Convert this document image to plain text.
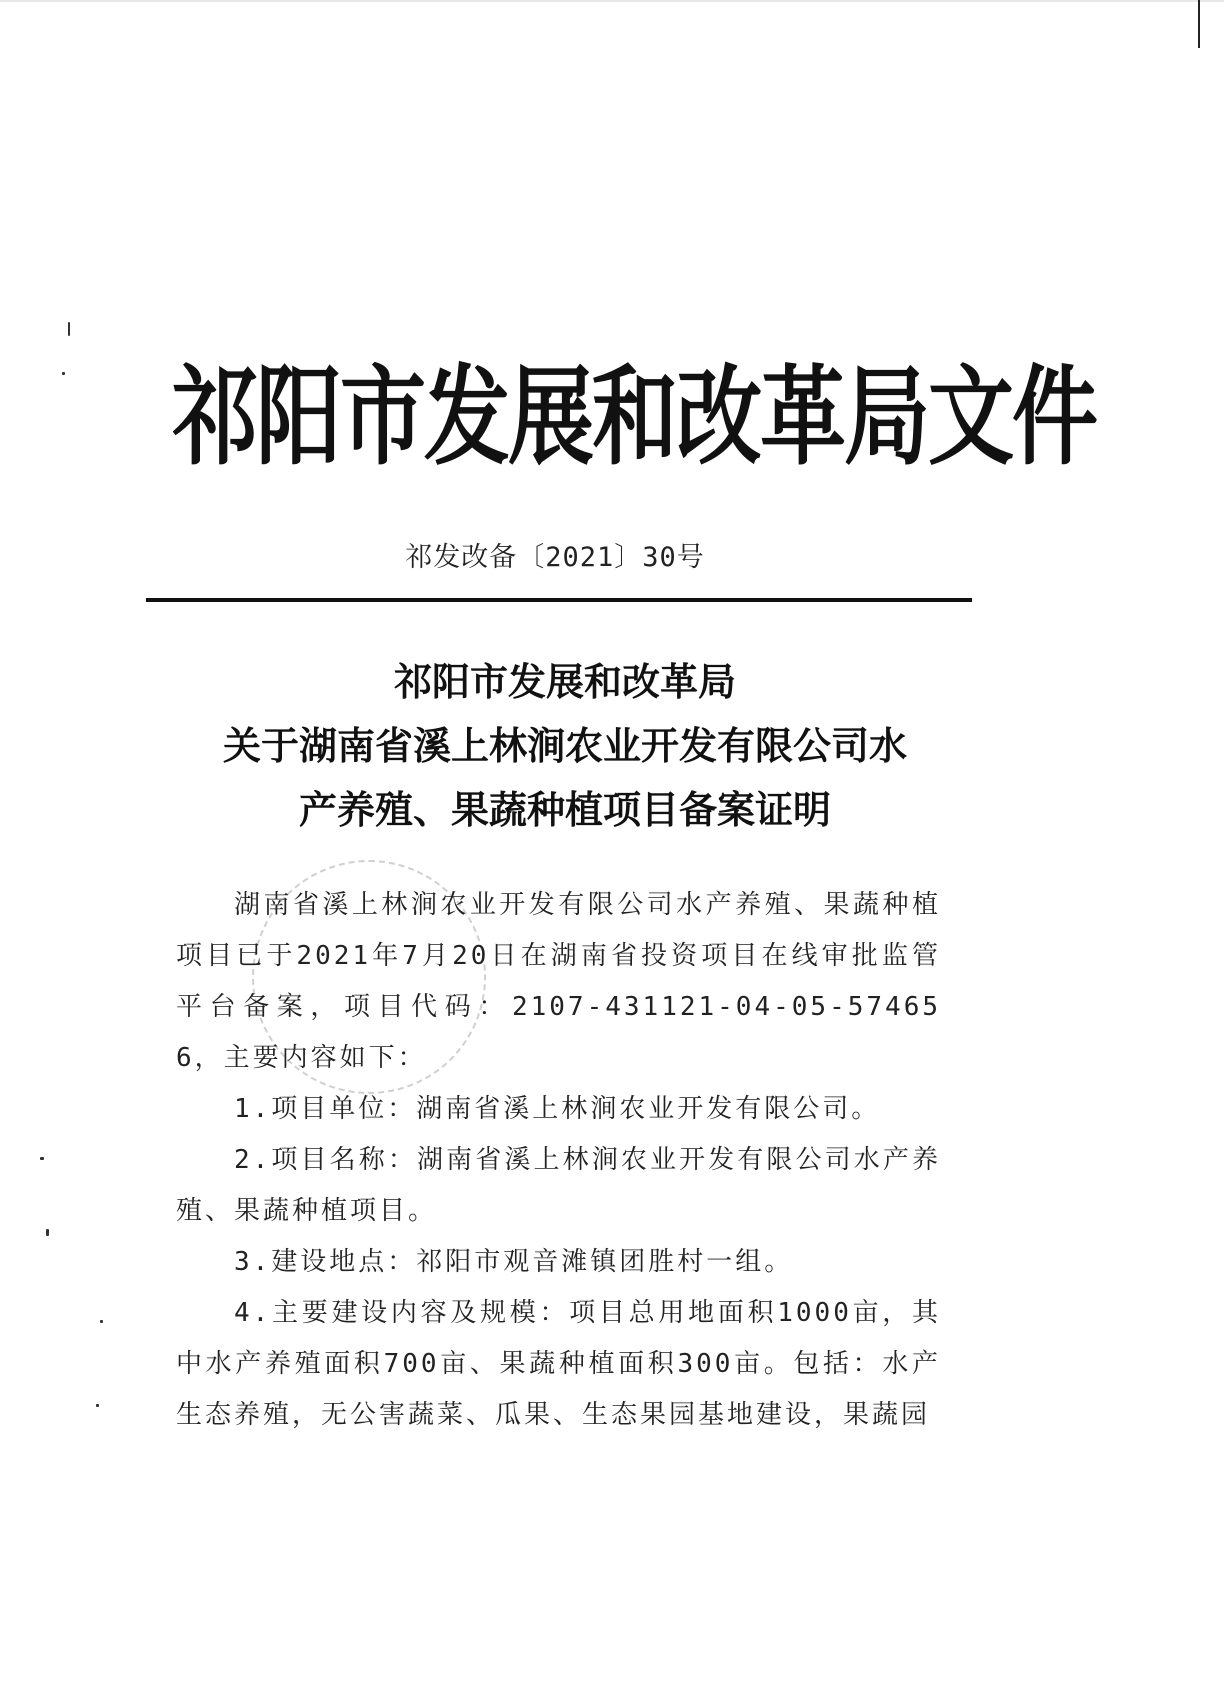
祁阳市发展和改革局文件
祁发改备〔2021〕30号
祁阳市发展和改革局
关于湖南省溪上林涧农业开发有限公司水
产养殖、果蔬种植项目备案证明

湖南省溪上林涧农业开发有限公司水产养殖、果蔬种植项目已于2021年7月20日在湖南省投资项目在线审批监管平台备案，项目代码：2107-431121-04-05-574656，主要内容如下：

1.项目单位：湖南省溪上林涧农业开发有限公司。

2.项目名称：湖南省溪上林涧农业开发有限公司水产养殖、果蔬种植项目。

3.建设地点：祁阳市观音滩镇团胜村一组。

4.主要建设内容及规模：项目总用地面积1000亩，其中水产养殖面积700亩、果蔬种植面积300亩。包括：水产生态养殖，无公害蔬菜、瓜果、生态果园基地建设，果蔬园
